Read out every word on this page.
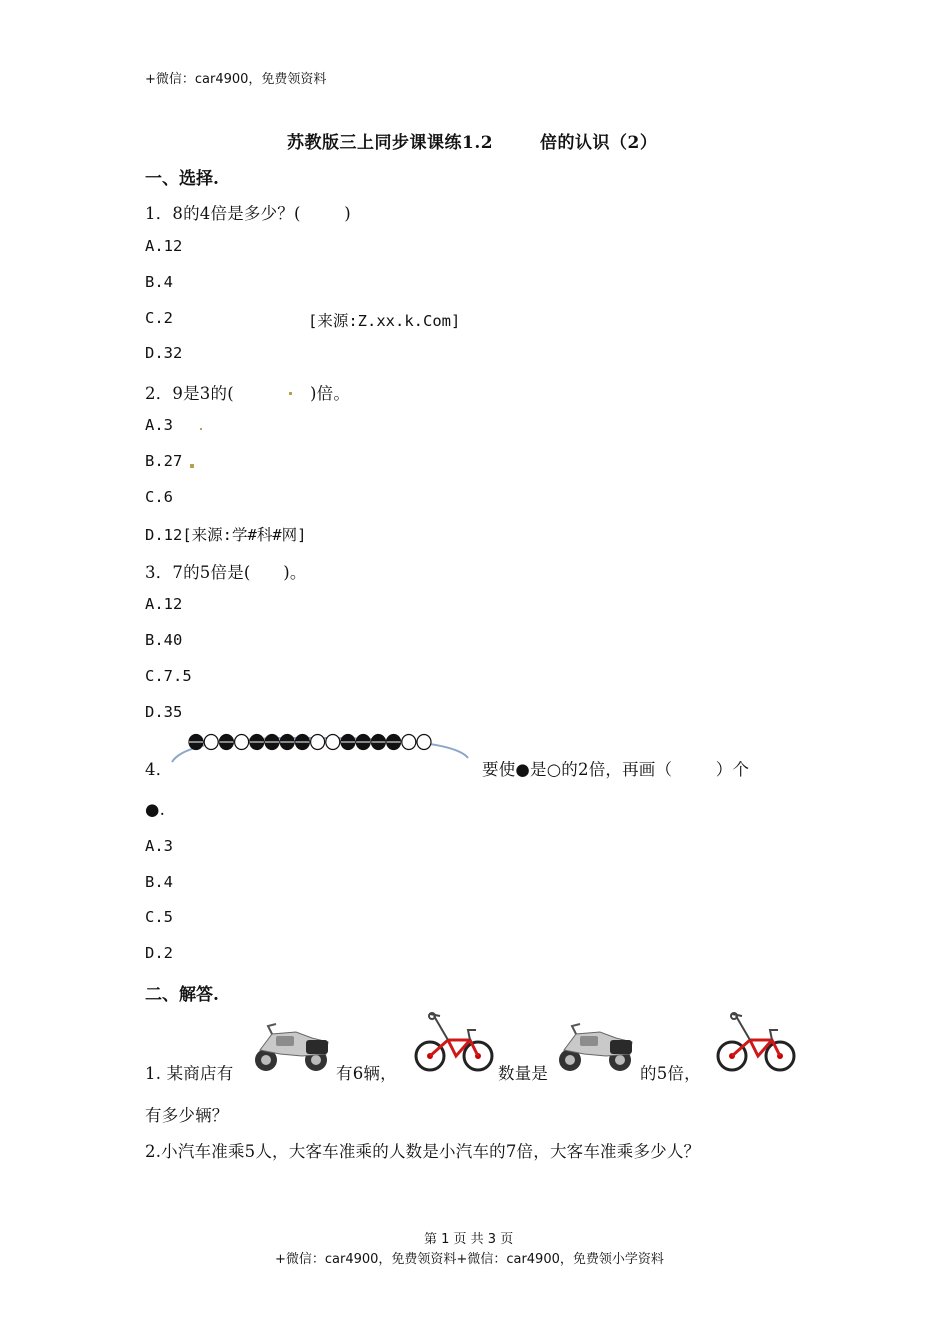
+微信：car4900，免费领资料
苏教版三上同步课课练1.2	倍的认识（2）
一、选择.
1．8的4倍是多少？(        )
A.12
B.4
C.2	[来源:Z.xx.k.Com]
D.32
2．9是3的(	)倍。
A.3
B.27
C.6
D.12[来源:学#科#网]
3．7的5倍是(      )。
A.12
B.40
C.7.5
D.35
4．	要使●是○的2倍，再画（        ）个
●.
A.3
B.4
C.5
D.2
二、解答.
1. 某商店有	有6辆，	数量是	的5倍，
有多少辆？
2.小汽车准乘5人，大客车准乘的人数是小汽车的7倍，大客车准乘多少人？
第 1 页 共 3 页
+微信：car4900，免费领资料+微信：car4900，免费领小学资料
